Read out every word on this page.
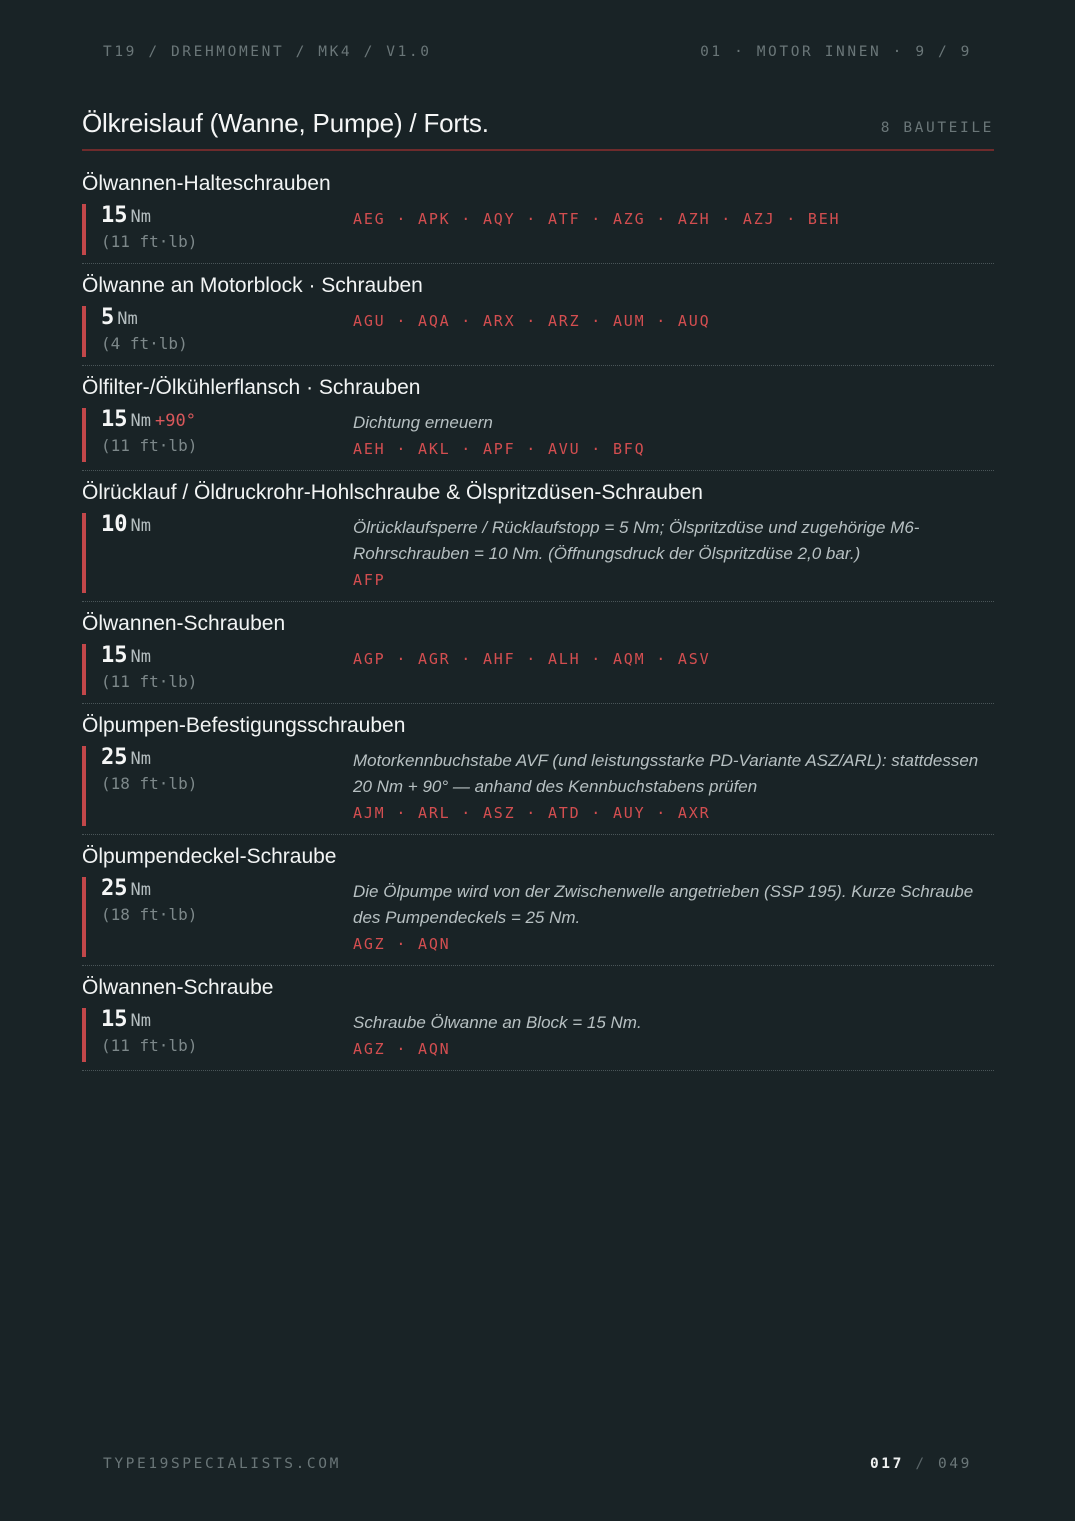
T19 / DREHMOMENT / MK4 / V1.0	01 · MOTOR INNEN · 9 / 9
Ölkreislauf (Wanne, Pumpe) / Forts.	8 BAUTEILE
Ölwannen-Halteschrauben
15 Nm
(11 ft·lb)
AEG · APK · AQY · ATF · AZG · AZH · AZJ · BEH
Ölwanne an Motorblock · Schrauben
5 Nm
(4 ft·lb)
AGU · AQA · ARX · ARZ · AUM · AUQ
Ölfilter-/Ölkühlerflansch · Schrauben
15 Nm +90°
(11 ft·lb)
Dichtung erneuern
AEH · AKL · APF · AVU · BFQ
Ölrücklauf / Öldruckrohr-Hohlschraube & Ölspritzdüsen-Schrauben
10 Nm	Ölrücklaufsperre / Rücklaufstopp = 5 Nm; Ölspritzdüse und zugehörige M6-Rohrschrauben = 10 Nm. (Öffnungsdruck der Ölspritzdüse 2,0 bar.)
AFP
Ölwannen-Schrauben
15 Nm
(11 ft·lb)
AGP · AGR · AHF · ALH · AQM · ASV
Ölpumpen-Befestigungsschrauben
25 Nm
(18 ft·lb)
Motorkennbuchstabe AVF (und leistungsstarke PD-Variante ASZ/ARL): stattdessen 20 Nm + 90° — anhand des Kennbuchstabens prüfen
AJM · ARL · ASZ · ATD · AUY · AXR
Ölpumpendeckel-Schraube
25 Nm
(18 ft·lb)
Die Ölpumpe wird von der Zwischenwelle angetrieben (SSP 195). Kurze Schraube des Pumpendeckels = 25 Nm.
AGZ · AQN
Ölwannen-Schraube
15 Nm
(11 ft·lb)
Schraube Ölwanne an Block = 15 Nm.
AGZ · AQN
TYPE19SPECIALISTS.COM	017 / 049
